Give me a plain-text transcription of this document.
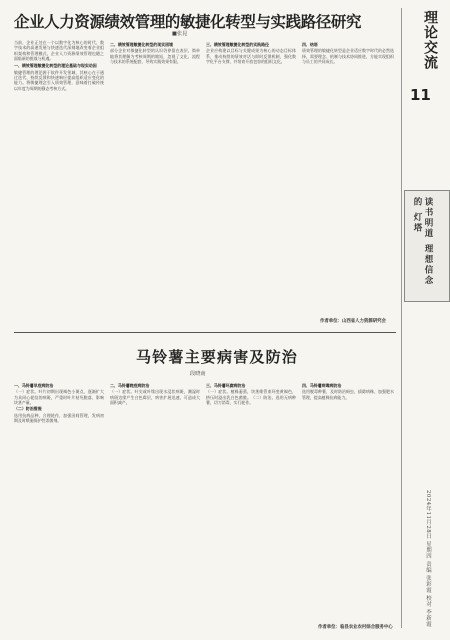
企业人力资源绩效管理的敏捷化转型与实践路径研究
■张昆
当前，企业正处在一个以数字化为核心的时代，数字技术的高速发展与快速迭代深刻地改变着企业组织架构和管理模式，企业人力资源绩效管理也随之面临新的挑战与机遇。
一、绩效管理敏捷化转型的理论基础与现实动因
敏捷管理的理论源于软件开发领域，其核心在于通过迭代、持续反馈和快速响应提高组织适应变化的能力。将敏捷理念引入绩效管理，意味着打破传统以年度为周期的静态考核方式。
二、绩效管理敏捷化转型的现实困境
部分企业对敏捷化转型的认识仍停留在表层，简单地将其理解为考核周期的缩短，忽视了文化、流程与技术的系统配套，导致实践效果有限。
三、绩效管理敏捷化转型的实践路径
企业应构建以目标与关键成果为核心的动态目标体系，推动持续的绩效对话与即时反馈机制，强化数字化平台支撑，并培育开放包容的组织文化。
四、结语
绩效管理的敏捷化转型是企业适应数字时代的必然选择，需要理念、机制与技术协同推进，方能实现组织与员工的共同成长。
作者单位：山西省人力资源研究会
马铃薯主要病害及防治
段晓南
一、马铃薯早疫病防治
（一）症状。叶片初期出现褐色小斑点，逐渐扩大为具同心轮纹的病斑，严重时叶片枯死脱落，影响块茎产量。
（二）防治措施
选用抗病品种，合理轮作，加强田间管理，发病初期及时喷施保护性杀菌剂。
二、马铃薯晚疫病防治
（一）症状。叶尖或叶缘出现水浸状病斑，潮湿时病斑边缘产生白色霉层，病害扩展迅速，可造成大面积减产。
三、马铃薯环腐病防治
（一）症状。植株萎蔫，块茎维管束环变黄褐色，挤压时溢出乳白色菌脓。（二）防治。选用无病种薯，切刀消毒，实行轮作。
四、马铃薯病毒病防治
选用脱毒种薯，及时防治蚜虫，拔除病株，加强肥水管理，提高植株抗病能力。
作者单位：临县农业农村综合服务中心
理论交流
11
读书明道 理想信念 的 灯塔
2024年11月28日 星期四 责编 张彩霞 校对 李新霞
